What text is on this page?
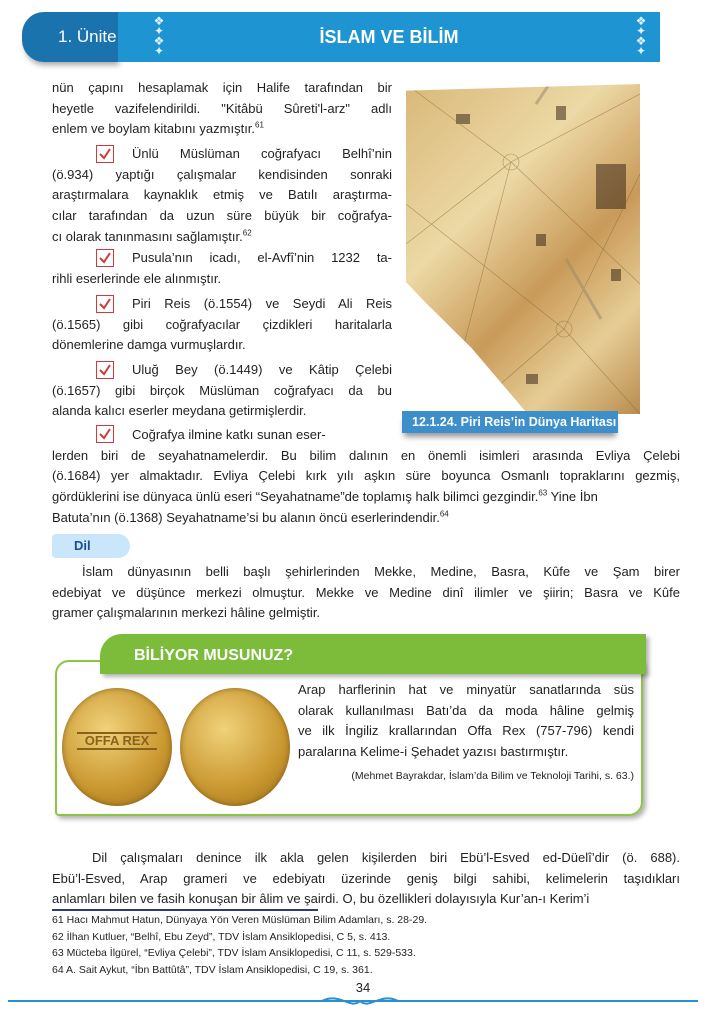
1. Ünite	İSLAM VE BİLİM
❖
✦
❖
✦
❖
✦
❖
✦
nün çapını hesaplamak için Halife tarafından bir
heyetle vazifelendirildi. "Kitâbü Sûreti'l-arz" adlı
enlem ve boylam kitabını yazmıştır.$^{61}$
Ünlü Müslüman coğrafyacı Belhî’nin
(ö.934) yaptığı çalışmalar kendisinden sonraki
araştırmalara kaynaklık etmiş ve Batılı araştırma-
cılar tarafından da uzun süre büyük bir coğrafya-
cı olarak tanınmasını sağlamıştır.$^{62}$
Pusula’nın icadı, el-Avfî’nin 1232 ta-
rihli eserlerinde ele alınmıştır.
Piri Reis (ö.1554) ve Seydi Ali Reis
(ö.1565) gibi coğrafyacılar çizdikleri haritalarla
dönemlerine damga vurmuşlardır.
Uluğ Bey (ö.1449) ve Kâtip Çelebi
(ö.1657) gibi birçok Müslüman coğrafyacı da bu
alanda kalıcı eserler meydana getirmişlerdir.
Coğrafya ilmine katkı sunan eser-
lerden biri de seyahatnamelerdir. Bu bilim dalının en önemli isimleri arasında Evliya Çelebi
(ö.1684) yer almaktadır. Evliya Çelebi kırk yılı aşkın süre boyunca Osmanlı topraklarını gezmiş,
gördüklerini ise dünyaca ünlü eseri “Seyahatname”de toplamış halk bilimci gezgindir.$^{63}$ Yine İbn
Batuta’nın (ö.1368) Seyahatname’si bu alanın öncü eserlerindendir.$^{64}$
12.1.24. Piri Reis’in Dünya Haritası
Dil
İslam dünyasının belli başlı şehirlerinden Mekke, Medine, Basra, Kûfe ve Şam birer
edebiyat ve düşünce merkezi olmuştur. Mekke ve Medine dinî ilimler ve şiirin; Basra ve Kûfe
gramer çalışmalarının merkezi hâline gelmiştir.
BİLİYOR MUSUNUZ?
OFFA REX
Arap harflerinin hat ve minyatür sanatlarında süs
olarak kullanılması Batı’da da moda hâline gelmiş
ve ilk İngiliz krallarından Offa Rex (757-796) kendi
paralarına Kelime-i Şehadet yazısı bastırmıştır.
(Mehmet Bayrakdar, İslam’da Bilim ve Teknoloji Tarihi, s. 63.)
Dil çalışmaları denince ilk akla gelen kişilerden biri Ebü’l-Esved ed-Düelî’dir (ö. 688).
Ebü’l-Esved, Arap grameri ve edebiyatı üzerinde geniş bilgi sahibi, kelimelerin taşıdıkları
anlamları bilen ve fasih konuşan bir âlim ve şairdi. O, bu özellikleri dolayısıyla Kur’an-ı Kerim’i
61 Hacı Mahmut Hatun, Dünyaya Yön Veren Müslüman Bilim Adamları, s. 28-29.
62 İlhan Kutluer, “Belhî, Ebu Zeyd”, TDV İslam Ansiklopedisi, C 5, s. 413.
63 Mücteba İlgürel, “Evliya Çelebi”, TDV İslam Ansiklopedisi, C 11, s. 529-533.
64 A. Sait Aykut, “İbn Battûtâ”, TDV İslam Ansiklopedisi, C 19, s. 361.
34
